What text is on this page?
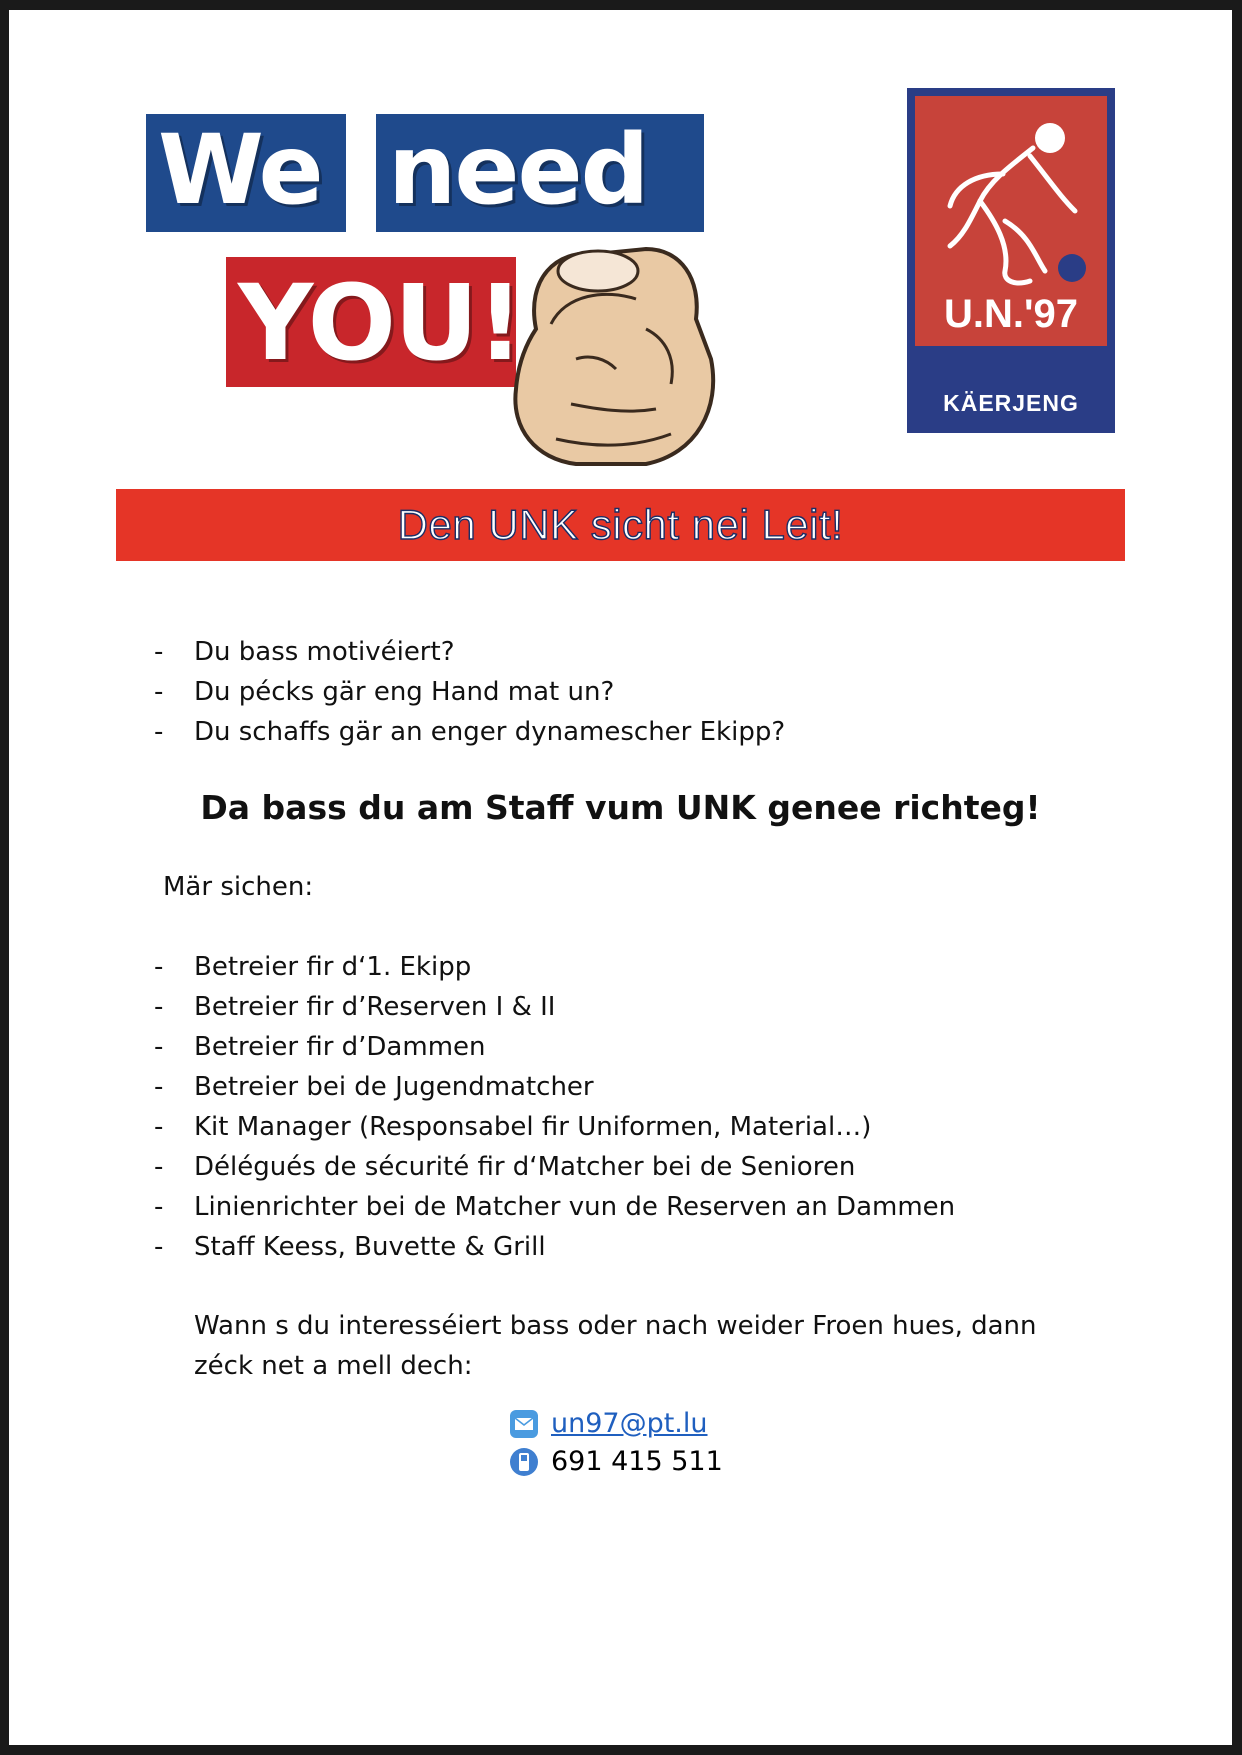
We need
YOU!	U.N.'97
KÄERJENG
Den UNK sicht nei Leit!
- Du bass motivéiert?
- Du pécks gär eng Hand mat un?
- Du schaffs gär an enger dynamescher Ekipp?
Da bass du am Staff vum UNK genee richteg!
Mär sichen:
- Betreier fir d‘1. Ekipp
- Betreier fir d’Reserven I & II
- Betreier fir d’Dammen
- Betreier bei de Jugendmatcher
- Kit Manager (Responsabel fir Uniformen, Material…)
- Délégués de sécurité fir d‘Matcher bei de Senioren
- Linienrichter bei de Matcher vun de Reserven an Dammen
- Staff Keess, Buvette & Grill
Wann s du interesséiert bass oder nach weider Froen hues, dann zéck net a mell dech:
un97@pt.lu
691 415 511
